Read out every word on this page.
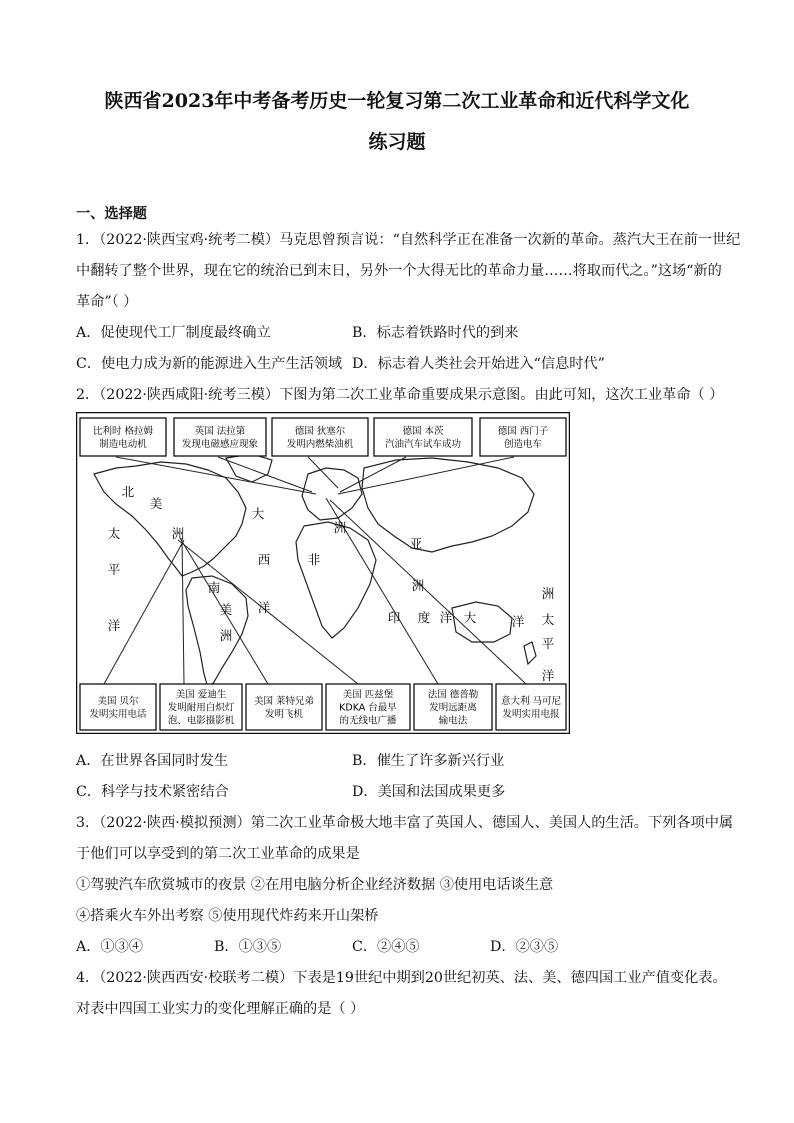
陕西省2023年中考备考历史一轮复习第二次工业革命和近代科学文化
练习题
一、选择题
1．（2022·陕西宝鸡·统考二模）马克思曾预言说：“自然科学正在准备一次新的革命。蒸汽大王在前一世纪
中翻转了整个世界，现在它的统治已到末日，另外一个大得无比的革命力量……将取而代之。”这场“新的
革命”（ ）
A．促使现代工厂制度最终确立	B．标志着铁路时代的到来
C．使电力成为新的能源进入生产生活领域 D．标志着人类社会开始进入“信息时代”
2．（2022·陕西咸阳·统考三模）下图为第二次工业革命重要成果示意图。由此可知，这次工业革命（ ）
比利时 格拉姆
制造电动机
英国 法拉第
发现电磁感应现象
德国 狄塞尔
发明内燃柴油机
德国 本茨
汽油汽车试车成功
德国 西门子
创造电车
美国 贝尔
发明实用电话
美国 爱迪生
发明耐用白炽灯
泡、电影摄影机
美国 莱特兄弟
发明飞机
美国 匹兹堡
KDKA 台最早
的无线电广播
法国 德普勒
发明远距离
输电法
意大利 马可尼
发明实用电报
北
美
洲
太
平
洋
南
美
洲
大
西
洋
非
洲
亚
洲
印 度 洋 大	洋
洲
太
平
洋
A．在世界各国同时发生	B．催生了许多新兴行业
C．科学与技术紧密结合	D．美国和法国成果更多
3．（2022·陕西·模拟预测）第二次工业革命极大地丰富了英国人、德国人、美国人的生活。下列各项中属
于他们可以享受到的第二次工业革命的成果是
①驾驶汽车欣赏城市的夜景 ②在用电脑分析企业经济数据 ③使用电话谈生意
④搭乘火车外出考察 ⑤使用现代炸药来开山架桥
A．①③④	B．①③⑤	C．②④⑤	D．②③⑤
4．（2022·陕西西安·校联考二模）下表是19世纪中期到20世纪初英、法、美、德四国工业产值变化表。
对表中四国工业实力的变化理解正确的是（ ）
